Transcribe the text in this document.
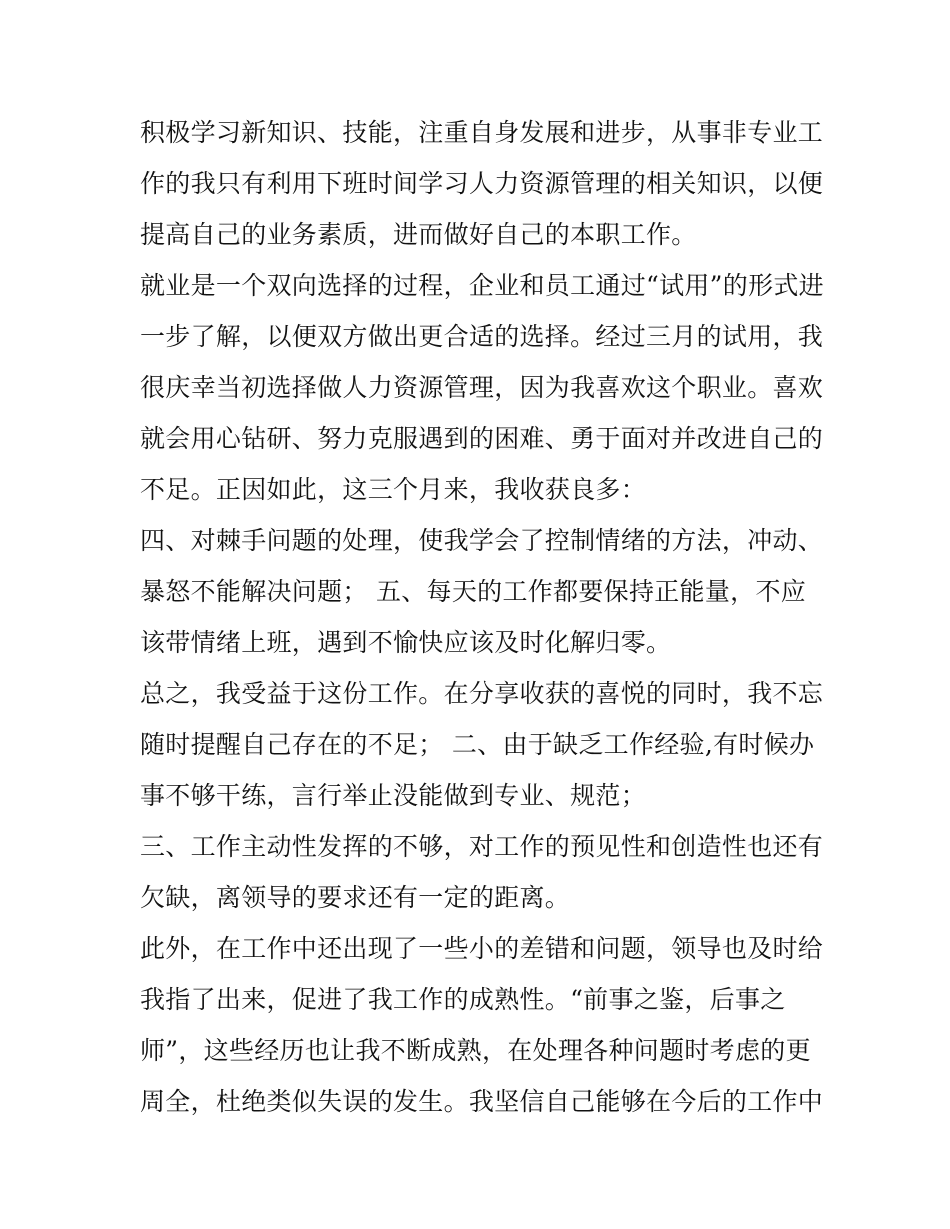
积极学习新知识、技能，注重自身发展和进步，从事非专业工
作的我只有利用下班时间学习人力资源管理的相关知识，以便
提高自己的业务素质，进而做好自己的本职工作。
就业是一个双向选择的过程，企业和员工通过“试用”的形式进
一步了解，以便双方做出更合适的选择。经过三月的试用，我
很庆幸当初选择做人力资源管理，因为我喜欢这个职业。喜欢
就会用心钻研、努力克服遇到的困难、勇于面对并改进自己的
不足。正因如此，这三个月来，我收获良多：
四、对棘手问题的处理，使我学会了控制情绪的方法，冲动、
暴怒不能解决问题； 五、每天的工作都要保持正能量，不应
该带情绪上班，遇到不愉快应该及时化解归零。
总之，我受益于这份工作。在分享收获的喜悦的同时，我不忘
随时提醒自己存在的不足； 二、由于缺乏工作经验,有时候办
事不够干练，言行举止没能做到专业、规范；
三、工作主动性发挥的不够，对工作的预见性和创造性也还有
欠缺，离领导的要求还有一定的距离。
此外，在工作中还出现了一些小的差错和问题，领导也及时给
我指了出来，促进了我工作的成熟性。“前事之鉴，后事之
师”，这些经历也让我不断成熟，在处理各种问题时考虑的更
周全，杜绝类似失误的发生。我坚信自己能够在今后的工作中
